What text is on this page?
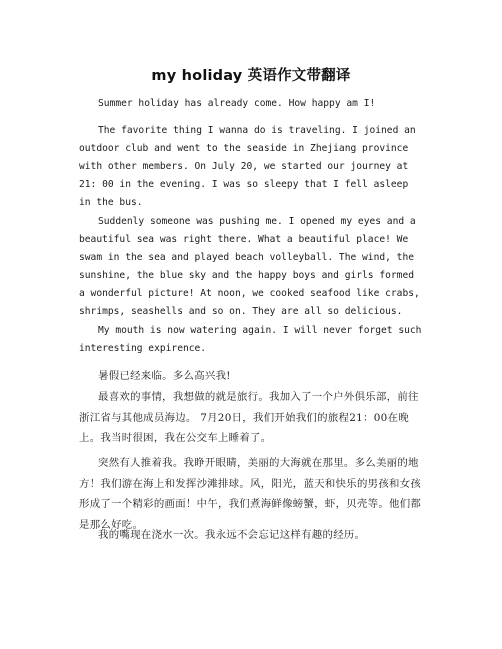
my holiday 英语作文带翻译

Summer holiday has already come. How happy am I!

The favorite thing I wanna do is traveling. I joined an outdoor club and went to the seaside in Zhejiang province with other members. On July 20, we started our journey at 21: 00 in the evening. I was so sleepy that I fell asleep in the bus.

Suddenly someone was pushing me. I opened my eyes and a beautiful sea was right there. What a beautiful place! We swam in the sea and played beach volleyball. The wind, the sunshine, the blue sky and the happy boys and girls formed a wonderful picture! At noon, we cooked seafood like crabs, shrimps, seashells and so on. They are all so delicious.

My mouth is now watering again. I will never forget such interesting expirence.

暑假已经来临。多么高兴我!

最喜欢的事情，我想做的就是旅行。我加入了一个户外俱乐部，前往浙江省与其他成员海边。 7月20日，我们开始我们的旅程21：00在晚上。我当时很困，我在公交车上睡着了。

突然有人推着我。我睁开眼睛，美丽的大海就在那里。多么美丽的地方！我们游在海上和发挥沙滩排球。风，阳光，蓝天和快乐的男孩和女孩形成了一个精彩的画面！中午，我们煮海鲜像螃蟹，虾，贝壳等。他们都是那么好吃。

我的嘴现在浇水一次。我永远不会忘记这样有趣的经历。
